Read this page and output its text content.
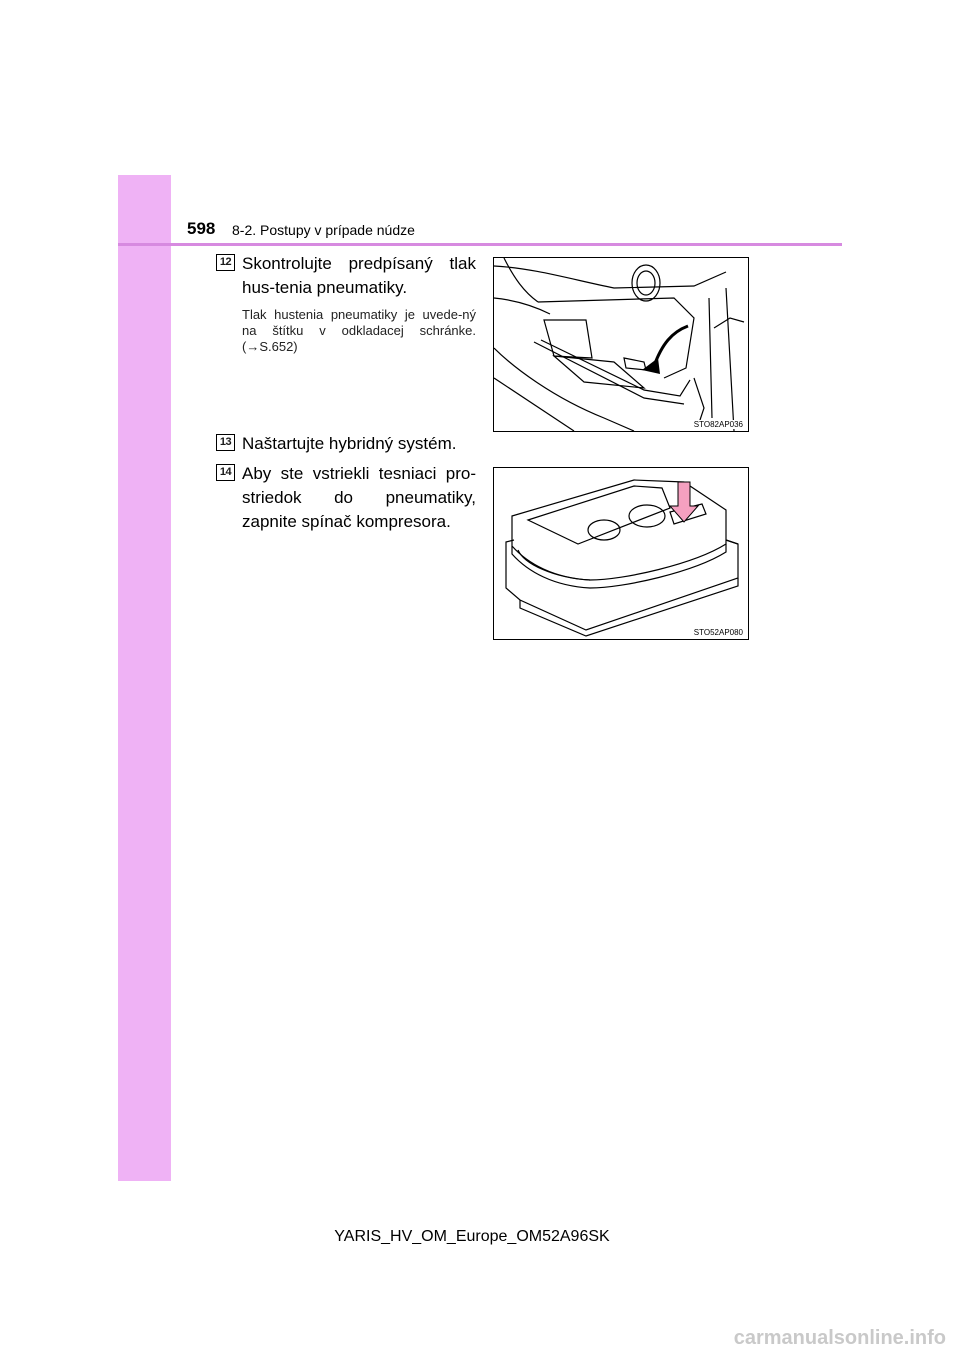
598 8-2. Postupy v prípade núdze
12 Skontrolujte predpísaný tlak hus-tenia pneumatiky.
Tlak hustenia pneumatiky je uvede-ný na štítku v odkladacej schránke. (→S.652)
STO82AP036
13 Naštartujte hybridný systém.
14 Aby ste vstriekli tesniaci pro-striedok do pneumatiky, zapnite spínač kompresora.
STO52AP080
YARIS_HV_OM_Europe_OM52A96SK
carmanualsonline.info
